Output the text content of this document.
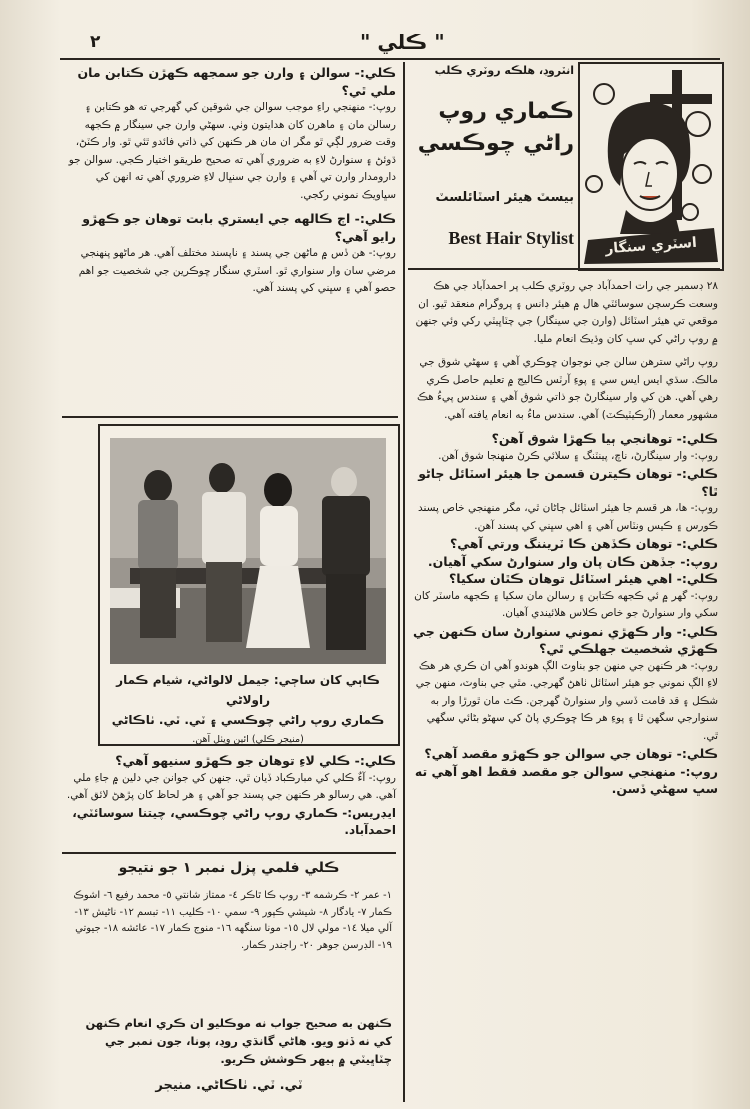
٢	" ڪلي "
اسٽري سنگار
انٽروڊ، هلڪه روٽري ڪلب
ڪماري روپ راڻي چوڪسي
بيسٽ هيئر اسٽائلسٽ
Best Hair Stylist

٢٨ ڊسمبر جي رات احمدآباد جي روٽري ڪلب پر احمدآباد جي هڪ وسعت ڪرسچن سوسائٽي هال ۾ هيئر ڊانس ۽ پروگرام منعقد ٿيو. ان موقعي تي هيئر اسٽائل (وارن جي سينگار) جي چٽاڀيٽي رکي وئي جنهن ۾ روپ راڻي کي سڀ کان وڌيڪ انعام مليا.

روپ راڻي سترهن سالن جي نوجوان ڇوڪري آهي ۽ سهڻي شوق جي مالڪ. سڌي ايس ايس سي ۽ پوءِ آرٽس ڪاليج ۾ تعليم حاصل ڪري رهي آهي. هن کي وار سينگارڻ جو ذاتي شوق آهي ۽ سندس پيءُ هڪ مشهور معمار (آرڪيٽيڪٽ) آهي. سندس ماءُ به انعام يافته آهي.

ڪلي:- توهانجي ٻيا ڪهڙا شوق آهن؟
روپ:- وار سينگارڻ، ناچ، پينٽنگ ۽ سلائي ڪرڻ منهنجا شوق آهن.
ڪلي:- توهان ڪيترن قسمن جا هيئر اسٽائل ڄاڻو ٿا؟
روپ:- ها، هر قسم جا هيئر اسٽائل ڄاڻان ٿي، مگر منهنجي خاص پسند ڪورس ۽ ڪيس ونٽاس آهي ۽ اهي سڀني کي پسند آهن.
ڪلي:- توهان ڪڏهن ڪا ٽريننگ ورتي آهي؟
روپ:- جڏهن ڪان پان وار سنوارڻ سکي آهيان.
ڪلي:- اهي هيئر اسٽائل توهان ڪٿان سکيا؟
روپ:- گهر ۾ ئي ڪجهه ڪتابن ۽ رسالن مان سکيا ۽ ڪجهه ماسٽر کان سکي وار سنوارڻ جو خاص ڪلاس هلائيندي آهيان.
ڪلي:- وار ڪهڙي نموني سنوارڻ سان ڪنهن جي ڪهڙي شخصيت جهلڪي ٿي؟
روپ:- هر ڪنهن جي منهن جو بناوٽ الڳ هوندو آهي ان ڪري هر هڪ لاءِ الڳ نموني جو هيئر اسٽائل ٺاهڻ گهرجي. مٿي جي بناوٽ، منهن جي شڪل ۽ قد قامت ڏسي وار سنوارڻ گهرجن. ڪٽ مان ٿورڙا وار به سنوارجي سگهن ٿا ۽ پوءِ هر ڪا ڇوڪري پاڻ کي سهڻو بڻائي سگهي ٿي.
ڪلي:- توهان جي سوالن جو ڪهڙو مقصد آهي؟
روپ:- منهنجي سوالن جو مقصد فقط اهو آهي ته سڀ سهڻي ڏسن.
ڪلي:- سوالن ۽ وارن جو سمجهه ڪهڙن ڪتابن مان ملي ٿي؟
روپ:- منهنجي راءِ موجب سوالن جي شوقين کي گهرجي ته هو ڪتابن ۽ رسالن مان ۽ ماهرن کان هدايتون وٺي. سهڻي وارن جي سينگار ۾ ڪجهه وقت ضرور لڳي ٿو مگر ان مان هر ڪنهن کي ذاتي فائدو ٿئي ٿو. وار ڪٽڻ، ڌوئڻ ۽ سنوارڻ لاءِ به ضروري آهي ته صحيح طريقو اختيار ڪجي. سوالن جو دارومدار وارن تي آهي ۽ وارن جي سنڀال لاءِ ضروري آهي ته انهن کي سڀاويڪ نموني رکجي.
ڪلي:- اڄ ڪالهه جي ايستري بابت توهان جو ڪهڙو رايو آهي؟
روپ:- هن ڏس ۾ ماڻهن جي پسند ۽ ناپسند مختلف آهي. هر ماڻهو پنهنجي مرضي سان وار سنواري ٿو. اسٽري سنگار ڇوڪرين جي شخصيت جو اهم حصو آهي ۽ سڀني کي پسند آهي.
ڪاٻي کان ساڄي: جيمل لالواڻي، شيام ڪمار راولاڻي
ڪماري روپ راڻي چوڪسي ۽ ٽي. ٽي. ٺاڪاڻي
(منيجر ڪلي) ائين ويٺل آهن.
ڪلي:- ڪلي لاءِ توهان جو ڪهڙو سنيهو آهي؟
روپ:- آءٌ ڪلي کي مبارڪباد ڏيان ٿي. جنهن کي جوانن جي دلين ۾ جاءِ ملي آهي. هي رسالو هر ڪنهن جي پسند جو آهي ۽ هر لحاظ کان پڙهڻ لائق آهي.
ايڊريس:- ڪماري روپ راڻي چوڪسي، چيتنا سوسائٽي، احمدآباد.
ڪلي فلمي پزل نمبر ١ جو نتيجو
١- عمر ٢- ڪرشمه ٣- روپ ڪا ٿاڪر ٤- ممتاز شانتي ٥- محمد رفيع ٦- اشوڪ ڪمار ٧- يادگار ٨- شيشي ڪپور ٩- سمي ١٠- ڪليب ١١- تبسم ١٢- ناڻيش ١٣- آلي ميلا ١٤- مولي لال ١٥- مونا سنگهه ١٦- منوج ڪمار ١٧- عائشه ١٨- جيوتي ١٩- الڊرسن جوهر ٢٠- راجندر ڪمار.
ڪنهن به صحيح جواب نه موڪليو ان ڪري انعام ڪنهن کي نه ڏنو ويو. هاڻي گانڌي روڊ، پونا، جون نمبر جي چٽاڀيٽي ۾ ٻيهر ڪوشش ڪريو.
ٽي. ٽي. ٺاڪاڻي. منيجر
